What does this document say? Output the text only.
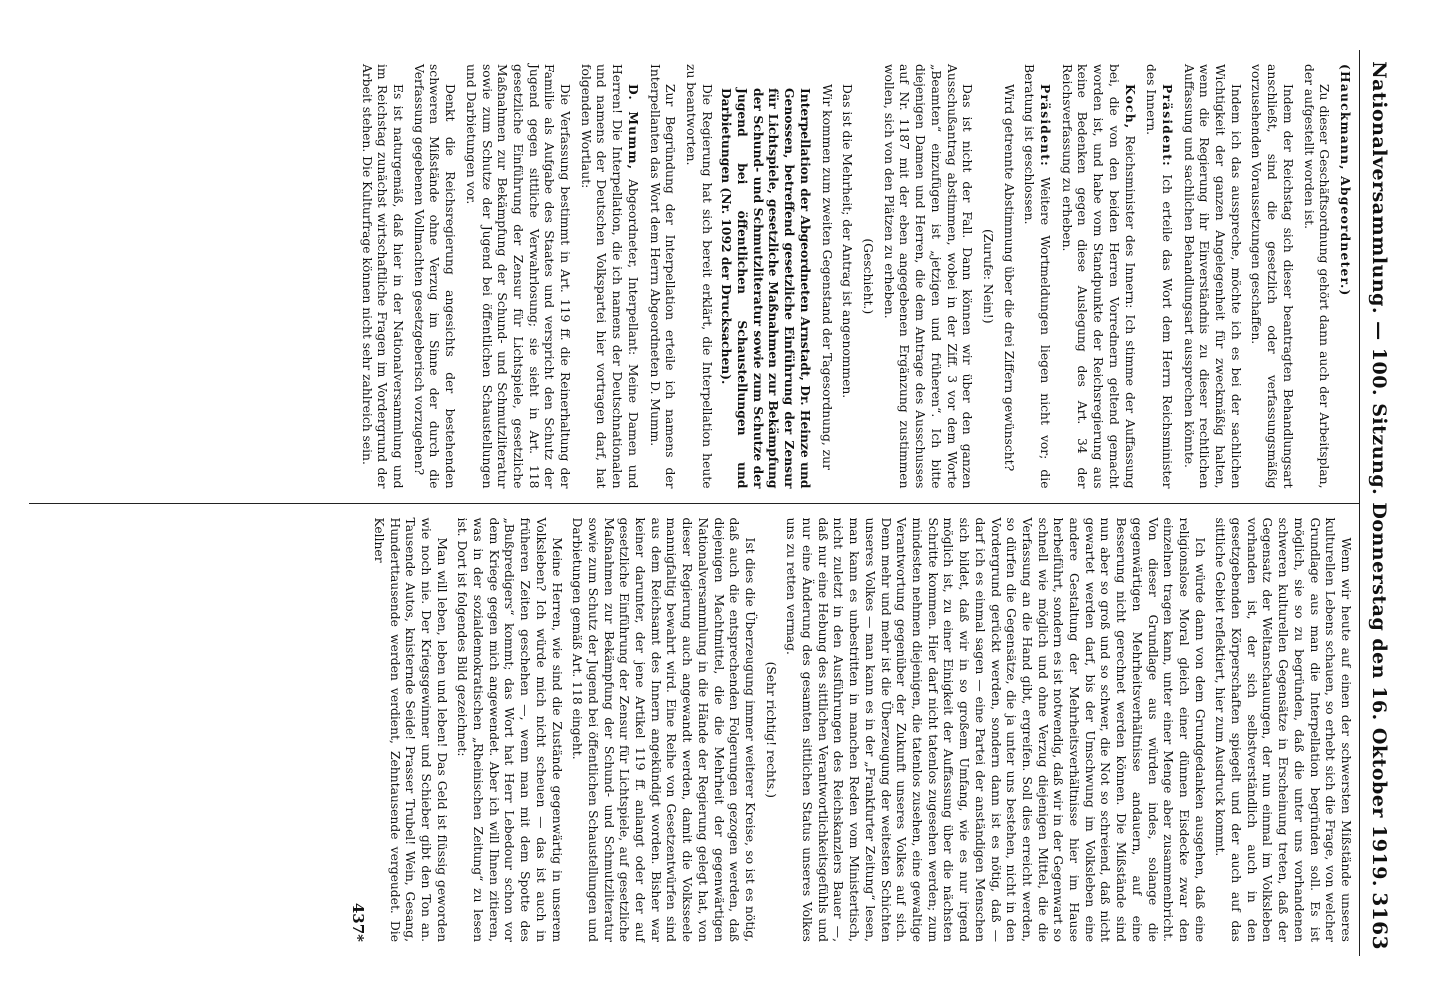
Nationalversammlung. — 100. Sitzung. Donnerstag den 16. Oktober 1919.
3163

(Hauckmann, Abgeordneter.)

Zu dieser Geschäftsordnung gehört dann auch der Arbeitsplan, der aufgestellt worden ist.

Indem der Reichstag sich dieser beantragten Behandlungsart anschließt, sind die gesetzlich oder verfassungsmäßig vorzusehenden Voraussetzungen geschaffen.

Indem ich das ausspreche, möchte ich es bei der sachlichen Wichtigkeit der ganzen Angelegenheit für zweckmäßig halten, wenn die Regierung ihr Einverständnis zu dieser rechtlichen Auffassung und sachlichen Behandlungsart aussprechen könnte.

Präsident: Ich erteile das Wort dem Herrn Reichsminister des Innern.

Koch, Reichsminister des Innern: Ich stimme der Auffassung bei, die von den beiden Herren Vorrednern geltend gemacht worden ist, und habe vom Standpunkte der Reichsregierung aus keine Bedenken gegen diese Auslegung des Art. 34 der Reichsverfassung zu erheben.

Präsident: Weitere Wortmeldungen liegen nicht vor; die Beratung ist geschlossen.

Wird getrennte Abstimmung über die drei Ziffern gewünscht?

(Zurufe: Nein!)

Das ist nicht der Fall. Dann können wir über den ganzen Ausschußantrag abstimmen, wobei in der Ziff. 3 vor dem Worte „Beamten“ einzufügen ist „jetzigen und früheren“. Ich bitte diejenigen Damen und Herren, die dem Antrage des Ausschusses auf Nr. 1187 mit der eben angegebenen Ergänzung zustimmen wollen, sich von den Plätzen zu erheben.

(Geschieht.)

Das ist die Mehrheit; der Antrag ist angenommen.

Wir kommen zum zweiten Gegenstand der Tagesordnung, zur

Interpellation der Abgeordneten Arnstadt, Dr. Heinze und Genossen, betreffend gesetzliche Einführung der Zensur für Lichtspiele, gesetzliche Maßnahmen zur Bekämpfung der Schund- und Schmutzliteratur sowie zum Schutze der Jugend bei öffentlichen Schaustellungen und Darbietungen (Nr. 1092 der Drucksachen).

Die Regierung hat sich bereit erklärt, die Interpellation heute zu beantworten.

Zur Begründung der Interpellation erteile ich namens der Interpellanten das Wort dem Herrn Abgeordneten D. Mumm.

D. Mumm, Abgeordneter, Interpellant: Meine Damen und Herren! Die Interpellation, die ich namens der Deutschnationalen und namens der Deutschen Volkspartei hier vortragen darf, hat folgenden Wortlaut:

Die Verfassung bestimmt in Art. 119 ff. die Reinerhaltung der Familie als Aufgabe des Staates und verspricht den Schutz der Jugend gegen sittliche Verwahrlosung; sie sieht in Art. 118 gesetzliche Einführung der Zensur für Lichtspiele, gesetzliche Maßnahmen zur Bekämpfung der Schund- und Schmutzliteratur sowie zum Schutze der Jugend bei öffentlichen Schaustellungen und Darbietungen vor.

Denkt die Reichsregierung angesichts der bestehenden schweren Mißstände ohne Verzug im Sinne der durch die Verfassung gegebenen Vollmachten gesetzgeberisch vorzugehen?

Es ist naturgemäß, daß hier in der Nationalversammlung und im Reichstag zunächst wirtschaftliche Fragen im Vordergrund der Arbeit stehen. Die Kulturfrage können nicht sehr zahlreich sein.

Wenn wir heute auf einen der schwersten Mißstände unseres kulturellen Lebens schauen, so erhebt sich die Frage, von welcher Grundlage aus man die Interpellation begründen soll. Es ist möglich, sie so zu begründen, daß die unter uns vorhandenen schweren kulturellen Gegensätze in Erscheinung treten, daß der Gegensatz der Weltanschauungen, der nun einmal im Volksleben vorhanden ist, der sich selbstverständlich auch in den gesetzgebenden Körperschaften spiegelt und der auch auf das sittliche Gebiet reflektiert, hier zum Ausdruck kommt.

Ich würde dann von dem Grundgedanken ausgehen, daß eine religionslose Moral gleich einer dünnen Eisdecke zwar den einzelnen tragen kann, unter einer Menge aber zusammenbricht. Von dieser Grundlage aus würden indes, solange die gegenwärtigen Mehrheitsverhältnisse andauern, auf eine Besserung nicht gerechnet werden können. Die Mißstände sind nun aber so groß und so schwer, die Not so schreiend, daß nicht gewartet werden darf, bis der Umschwung im Volksleben eine andere Gestaltung der Mehrheitsverhältnisse hier im Hause herbeiführt, sondern es ist notwendig, daß wir in der Gegenwart so schnell wie möglich und ohne Verzug diejenigen Mittel, die die Verfassung an die Hand gibt, ergreifen. Soll dies erreicht werden, so dürfen die Gegensätze, die ja unter uns bestehen, nicht in den Vordergrund gerückt werden, sondern dann ist es nötig, daß — darf ich es einmal sagen — eine Partei der anständigen Menschen sich bildet, daß wir in so großem Umfang, wie es nur irgend möglich ist, zu einer Einigkeit der Auffassung über die nächsten Schritte kommen. Hier darf nicht tatenlos zugesehen werden; zum mindesten nehmen diejenigen, die tatenlos zusehen, eine gewaltige Verantwortung gegenüber der Zukunft unseres Volkes auf sich. Denn mehr und mehr ist die Überzeugung der weitesten Schichten unseres Volkes — man kann es in der „Frankfurter Zeitung“ lesen, man kann es unbestritten in manchen Reden vom Ministertisch, nicht zuletzt in den Ausführungen des Reichskanzlers Bauer —, daß nur eine Hebung des sittlichen Verantwortlichkeitsgefühls und nur eine Änderung des gesamten sittlichen Status unseres Volkes uns zu retten vermag.

(Sehr richtig! rechts.)

Ist dies die Überzeugung immer weiterer Kreise, so ist es nötig, daß auch die entsprechenden Folgerungen gezogen werden, daß diejenigen Machtmittel, die die Mehrheit der gegenwärtigen Nationalversammlung in die Hände der Regierung gelegt hat, von dieser Regierung auch angewandt werden, damit die Volksseele mannigfaltig bewahrt wird. Eine Reihe von Gesetzentwürfen sind aus dem Reichsamt des Innern angekündigt worden. Bisher war keiner darunter, der jene Artikel 119 ff. anlangt oder der auf gesetzliche Einführung der Zensur für Lichtspiele, auf gesetzliche Maßnahmen zur Bekämpfung der Schund- und Schmutzliteratur sowie zum Schutz der Jugend bei öffentlichen Schaustellungen und Darbietungen gemäß Art. 118 eingeht.

Meine Herren, wie sind die Zustände gegenwärtig in unserem Volksleben? Ich würde mich nicht scheuen — das ist auch in früheren Zeiten geschehen —, wenn man mit dem Spotte des „Bußpredigers“ kommt; das Wort hat Herr Lebedour schon vor dem Kriege gegen mich angewendet. Aber ich will Ihnen zitieren, was in der sozialdemokratischen „Rheinischen Zeitung“ zu lesen ist. Dort ist folgendes Bild gezeichnet:

Man will leben, leben und leben! Das Geld ist flüssig geworden wie noch nie. Der Kriegsgewinner und Schieber gibt den Ton an. Tausende Autos, knisternde Seide! Prasser Trubel! Wein, Gesang, Hunderttausende werden verdient, Zehntausende vergeudet. Die Kellner

437*
